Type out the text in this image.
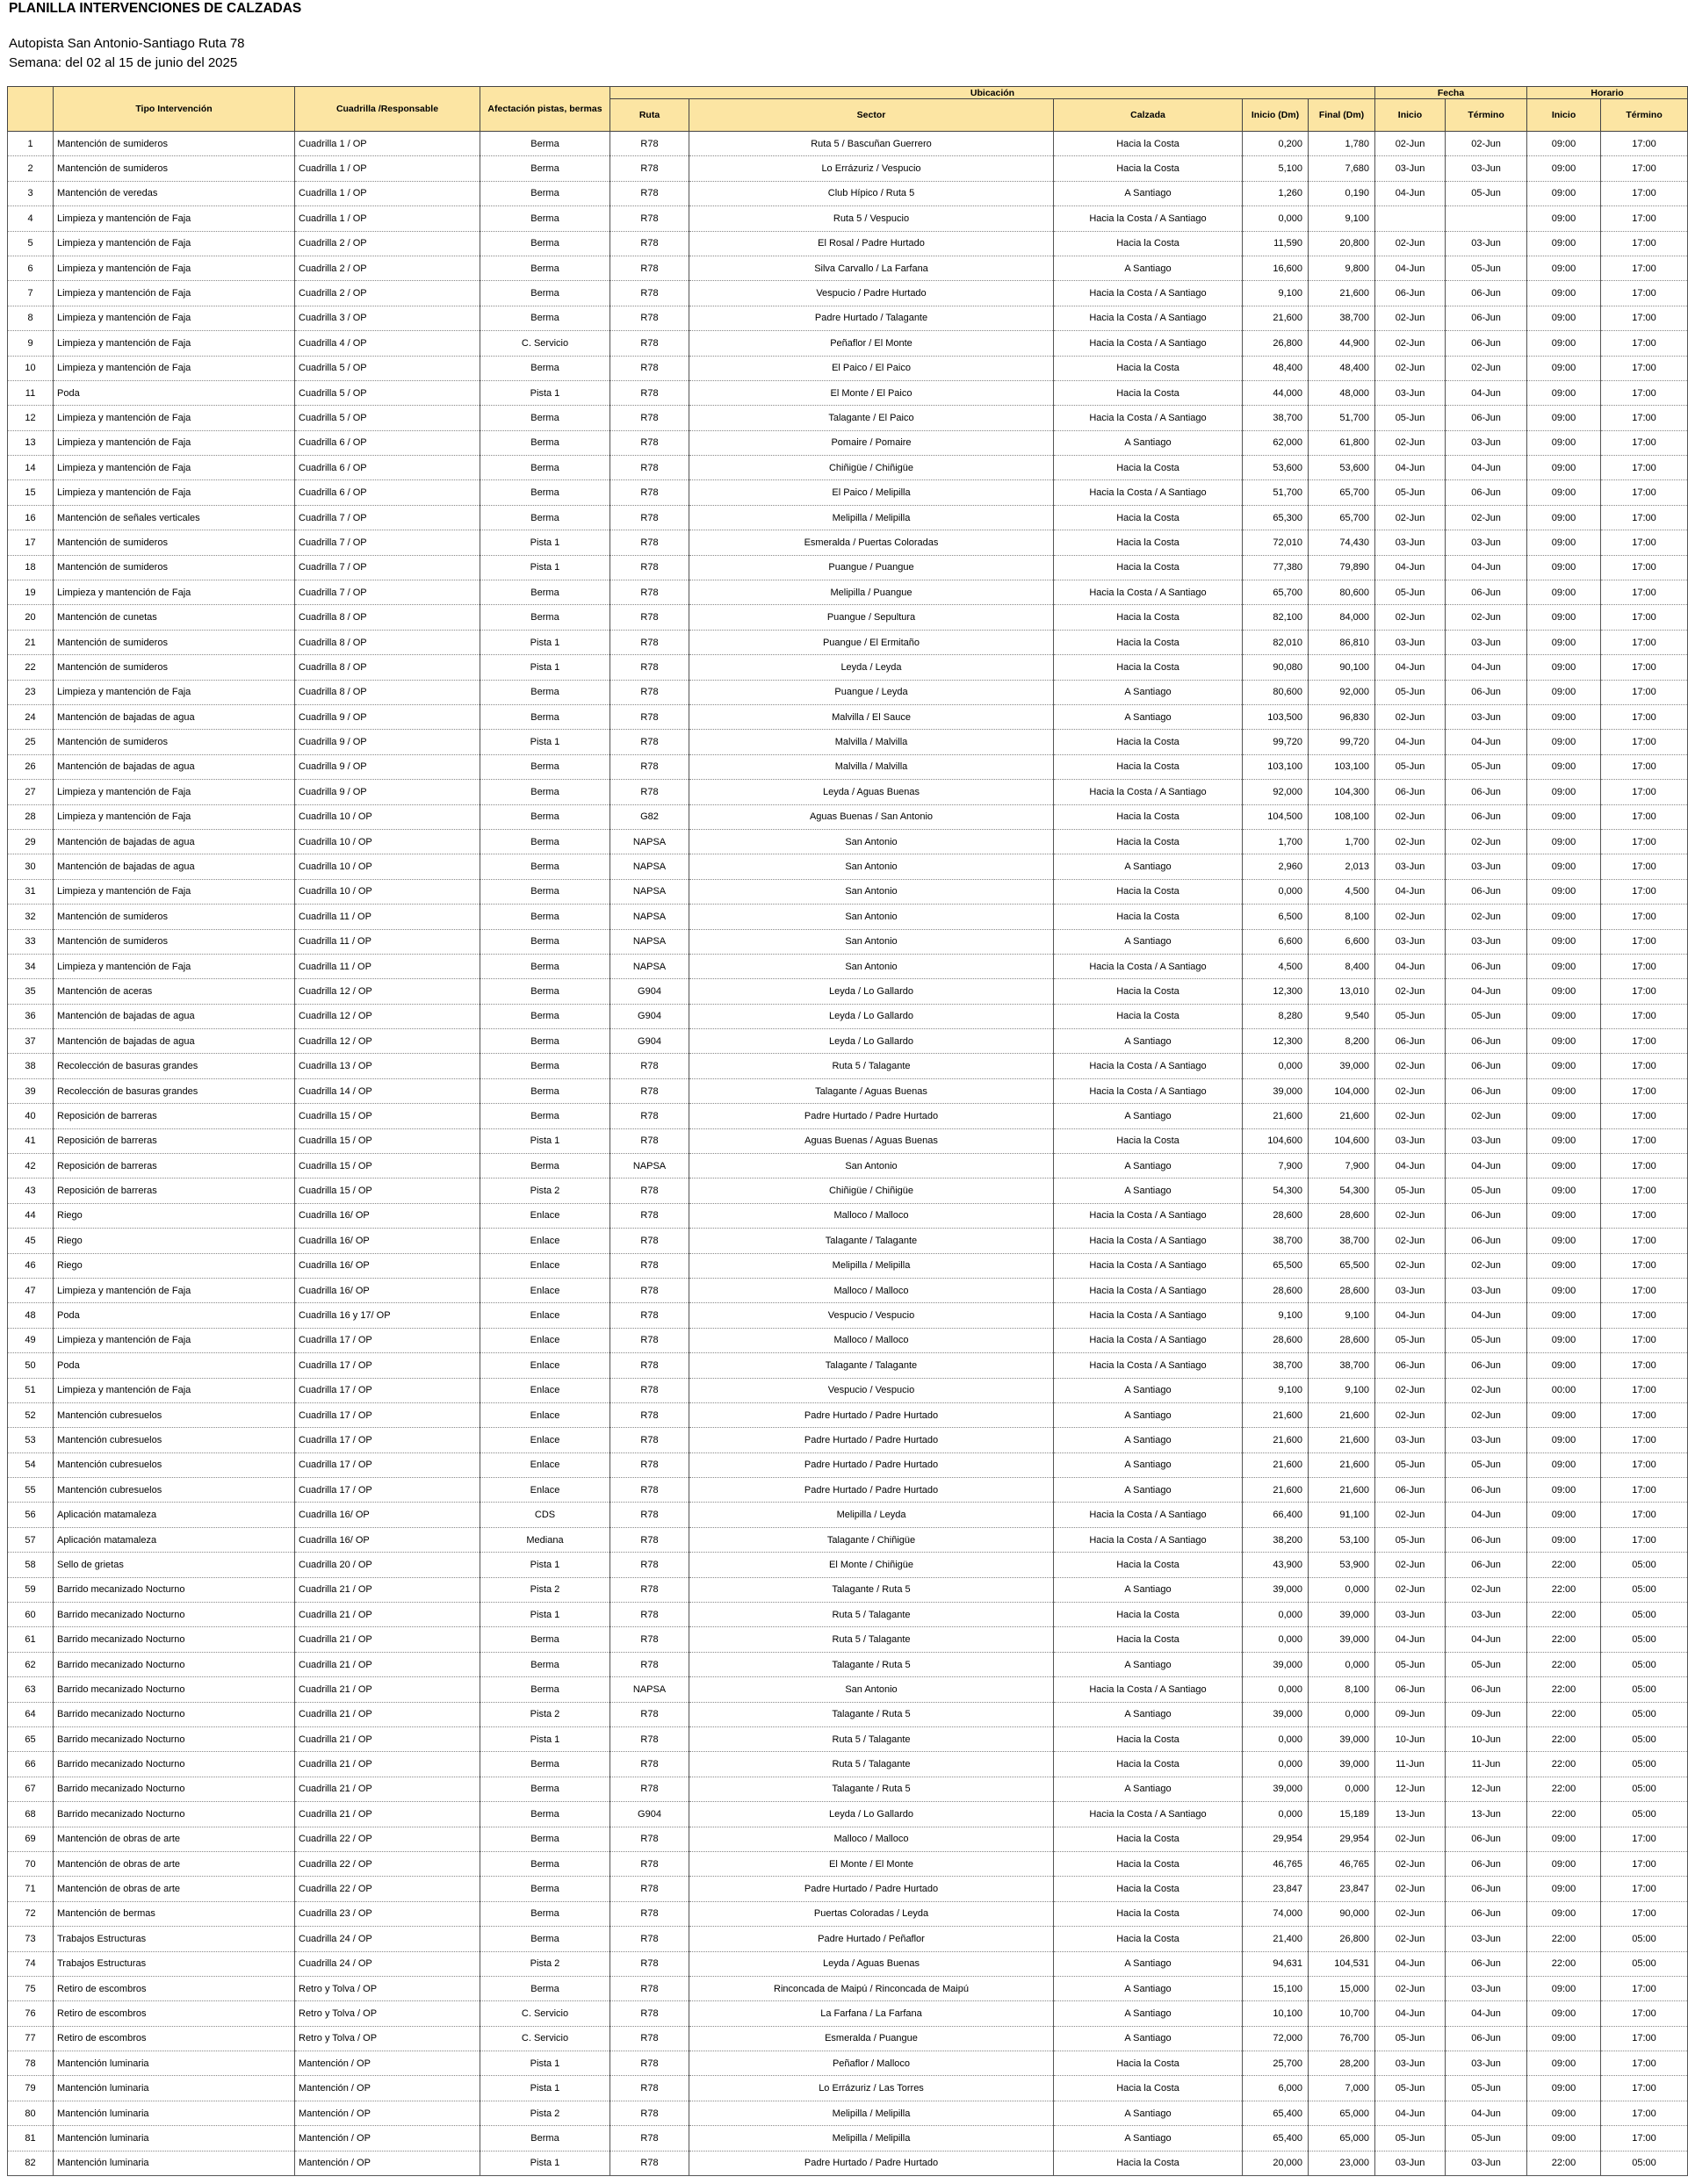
PLANILLA INTERVENCIONES DE CALZADAS
Autopista San Antonio-Santiago Ruta 78
Semana: del 02 al 15 de junio del 2025
	Tipo Intervención	Cuadrilla /Responsable	Afectación pistas, bermas	Ubicación					Fecha		Horario	
				Ruta	Sector	Calzada	Inicio (Dm)	Final (Dm)	Inicio	Término	Inicio	Término
1	Mantención de sumideros	Cuadrilla 1 / OP	Berma	R78	Ruta 5 / Bascuñan Guerrero	Hacia la Costa	0,200	1,780	02-Jun	02-Jun	09:00	17:00
2	Mantención de sumideros	Cuadrilla 1 / OP	Berma	R78	Lo Errázuriz / Vespucio	Hacia la Costa	5,100	7,680	03-Jun	03-Jun	09:00	17:00
3	Mantención de veredas	Cuadrilla 1 / OP	Berma	R78	Club Hípico / Ruta 5	A Santiago	1,260	0,190	04-Jun	05-Jun	09:00	17:00
4	Limpieza y mantención de Faja	Cuadrilla 1 / OP	Berma	R78	Ruta 5 / Vespucio	Hacia la Costa / A Santiago	0,000	9,100			09:00	17:00
5	Limpieza y mantención de Faja	Cuadrilla 2 / OP	Berma	R78	El Rosal / Padre Hurtado	Hacia la Costa	11,590	20,800	02-Jun	03-Jun	09:00	17:00
6	Limpieza y mantención de Faja	Cuadrilla 2 / OP	Berma	R78	Silva Carvallo / La Farfana	A Santiago	16,600	9,800	04-Jun	05-Jun	09:00	17:00
7	Limpieza y mantención de Faja	Cuadrilla 2 / OP	Berma	R78	Vespucio / Padre Hurtado	Hacia la Costa / A Santiago	9,100	21,600	06-Jun	06-Jun	09:00	17:00
8	Limpieza y mantención de Faja	Cuadrilla 3 / OP	Berma	R78	Padre Hurtado / Talagante	Hacia la Costa / A Santiago	21,600	38,700	02-Jun	06-Jun	09:00	17:00
9	Limpieza y mantención de Faja	Cuadrilla 4 / OP	C. Servicio	R78	Peñaflor / El Monte	Hacia la Costa / A Santiago	26,800	44,900	02-Jun	06-Jun	09:00	17:00
10	Limpieza y mantención de Faja	Cuadrilla 5 / OP	Berma	R78	El Paico / El Paico	Hacia la Costa	48,400	48,400	02-Jun	02-Jun	09:00	17:00
11	Poda	Cuadrilla 5 / OP	Pista 1	R78	El Monte / El Paico	Hacia la Costa	44,000	48,000	03-Jun	04-Jun	09:00	17:00
12	Limpieza y mantención de Faja	Cuadrilla 5 / OP	Berma	R78	Talagante / El Paico	Hacia la Costa / A Santiago	38,700	51,700	05-Jun	06-Jun	09:00	17:00
13	Limpieza y mantención de Faja	Cuadrilla 6 / OP	Berma	R78	Pomaire / Pomaire	A Santiago	62,000	61,800	02-Jun	03-Jun	09:00	17:00
14	Limpieza y mantención de Faja	Cuadrilla 6 / OP	Berma	R78	Chiñigüe / Chiñigüe	Hacia la Costa	53,600	53,600	04-Jun	04-Jun	09:00	17:00
15	Limpieza y mantención de Faja	Cuadrilla 6 / OP	Berma	R78	El Paico / Melipilla	Hacia la Costa / A Santiago	51,700	65,700	05-Jun	06-Jun	09:00	17:00
16	Mantención de señales verticales	Cuadrilla 7 / OP	Berma	R78	Melipilla / Melipilla	Hacia la Costa	65,300	65,700	02-Jun	02-Jun	09:00	17:00
17	Mantención de sumideros	Cuadrilla 7 / OP	Pista 1	R78	Esmeralda / Puertas Coloradas	Hacia la Costa	72,010	74,430	03-Jun	03-Jun	09:00	17:00
18	Mantención de sumideros	Cuadrilla 7 / OP	Pista 1	R78	Puangue / Puangue	Hacia la Costa	77,380	79,890	04-Jun	04-Jun	09:00	17:00
19	Limpieza y mantención de Faja	Cuadrilla 7 / OP	Berma	R78	Melipilla / Puangue	Hacia la Costa / A Santiago	65,700	80,600	05-Jun	06-Jun	09:00	17:00
20	Mantención de cunetas	Cuadrilla 8 / OP	Berma	R78	Puangue / Sepultura	Hacia la Costa	82,100	84,000	02-Jun	02-Jun	09:00	17:00
21	Mantención de sumideros	Cuadrilla 8 / OP	Pista 1	R78	Puangue / El Ermitaño	Hacia la Costa	82,010	86,810	03-Jun	03-Jun	09:00	17:00
22	Mantención de sumideros	Cuadrilla 8 / OP	Pista 1	R78	Leyda / Leyda	Hacia la Costa	90,080	90,100	04-Jun	04-Jun	09:00	17:00
23	Limpieza y mantención de Faja	Cuadrilla 8 / OP	Berma	R78	Puangue / Leyda	A Santiago	80,600	92,000	05-Jun	06-Jun	09:00	17:00
24	Mantención de bajadas de agua	Cuadrilla 9 / OP	Berma	R78	Malvilla / El Sauce	A Santiago	103,500	96,830	02-Jun	03-Jun	09:00	17:00
25	Mantención de sumideros	Cuadrilla 9 / OP	Pista 1	R78	Malvilla / Malvilla	Hacia la Costa	99,720	99,720	04-Jun	04-Jun	09:00	17:00
26	Mantención de bajadas de agua	Cuadrilla 9 / OP	Berma	R78	Malvilla / Malvilla	Hacia la Costa	103,100	103,100	05-Jun	05-Jun	09:00	17:00
27	Limpieza y mantención de Faja	Cuadrilla 9 / OP	Berma	R78	Leyda / Aguas Buenas	Hacia la Costa / A Santiago	92,000	104,300	06-Jun	06-Jun	09:00	17:00
28	Limpieza y mantención de Faja	Cuadrilla 10 / OP	Berma	G82	Aguas Buenas / San Antonio	Hacia la Costa	104,500	108,100	02-Jun	06-Jun	09:00	17:00
29	Mantención de bajadas de agua	Cuadrilla 10 / OP	Berma	NAPSA	San Antonio	Hacia la Costa	1,700	1,700	02-Jun	02-Jun	09:00	17:00
30	Mantención de bajadas de agua	Cuadrilla 10 / OP	Berma	NAPSA	San Antonio	A Santiago	2,960	2,013	03-Jun	03-Jun	09:00	17:00
31	Limpieza y mantención de Faja	Cuadrilla 10 / OP	Berma	NAPSA	San Antonio	Hacia la Costa	0,000	4,500	04-Jun	06-Jun	09:00	17:00
32	Mantención de sumideros	Cuadrilla 11 / OP	Berma	NAPSA	San Antonio	Hacia la Costa	6,500	8,100	02-Jun	02-Jun	09:00	17:00
33	Mantención de sumideros	Cuadrilla 11 / OP	Berma	NAPSA	San Antonio	A Santiago	6,600	6,600	03-Jun	03-Jun	09:00	17:00
34	Limpieza y mantención de Faja	Cuadrilla 11 / OP	Berma	NAPSA	San Antonio	Hacia la Costa / A Santiago	4,500	8,400	04-Jun	06-Jun	09:00	17:00
35	Mantención de aceras	Cuadrilla 12 / OP	Berma	G904	Leyda / Lo Gallardo	Hacia la Costa	12,300	13,010	02-Jun	04-Jun	09:00	17:00
36	Mantención de bajadas de agua	Cuadrilla 12 / OP	Berma	G904	Leyda / Lo Gallardo	Hacia la Costa	8,280	9,540	05-Jun	05-Jun	09:00	17:00
37	Mantención de bajadas de agua	Cuadrilla 12 / OP	Berma	G904	Leyda / Lo Gallardo	A Santiago	12,300	8,200	06-Jun	06-Jun	09:00	17:00
38	Recolección de basuras grandes	Cuadrilla 13 / OP	Berma	R78	Ruta 5 / Talagante	Hacia la Costa / A Santiago	0,000	39,000	02-Jun	06-Jun	09:00	17:00
39	Recolección de basuras grandes	Cuadrilla 14 / OP	Berma	R78	Talagante / Aguas Buenas	Hacia la Costa / A Santiago	39,000	104,000	02-Jun	06-Jun	09:00	17:00
40	Reposición de barreras	Cuadrilla 15 / OP	Berma	R78	Padre Hurtado / Padre Hurtado	A Santiago	21,600	21,600	02-Jun	02-Jun	09:00	17:00
41	Reposición de barreras	Cuadrilla 15 / OP	Pista 1	R78	Aguas Buenas / Aguas Buenas	Hacia la Costa	104,600	104,600	03-Jun	03-Jun	09:00	17:00
42	Reposición de barreras	Cuadrilla 15 / OP	Berma	NAPSA	San Antonio	A Santiago	7,900	7,900	04-Jun	04-Jun	09:00	17:00
43	Reposición de barreras	Cuadrilla 15 / OP	Pista 2	R78	Chiñigüe / Chiñigüe	A Santiago	54,300	54,300	05-Jun	05-Jun	09:00	17:00
44	Riego	Cuadrilla 16/ OP	Enlace	R78	Malloco / Malloco	Hacia la Costa / A Santiago	28,600	28,600	02-Jun	06-Jun	09:00	17:00
45	Riego	Cuadrilla 16/ OP	Enlace	R78	Talagante / Talagante	Hacia la Costa / A Santiago	38,700	38,700	02-Jun	06-Jun	09:00	17:00
46	Riego	Cuadrilla 16/ OP	Enlace	R78	Melipilla / Melipilla	Hacia la Costa / A Santiago	65,500	65,500	02-Jun	02-Jun	09:00	17:00
47	Limpieza y mantención de Faja	Cuadrilla 16/ OP	Enlace	R78	Malloco / Malloco	Hacia la Costa / A Santiago	28,600	28,600	03-Jun	03-Jun	09:00	17:00
48	Poda	Cuadrilla 16 y 17/ OP	Enlace	R78	Vespucio / Vespucio	Hacia la Costa / A Santiago	9,100	9,100	04-Jun	04-Jun	09:00	17:00
49	Limpieza y mantención de Faja	Cuadrilla 17 / OP	Enlace	R78	Malloco / Malloco	Hacia la Costa / A Santiago	28,600	28,600	05-Jun	05-Jun	09:00	17:00
50	Poda	Cuadrilla 17 / OP	Enlace	R78	Talagante / Talagante	Hacia la Costa / A Santiago	38,700	38,700	06-Jun	06-Jun	09:00	17:00
51	Limpieza y mantención de Faja	Cuadrilla 17 / OP	Enlace	R78	Vespucio / Vespucio	A Santiago	9,100	9,100	02-Jun	02-Jun	00:00	17:00
52	Mantención cubresuelos	Cuadrilla 17 / OP	Enlace	R78	Padre Hurtado / Padre Hurtado	A Santiago	21,600	21,600	02-Jun	02-Jun	09:00	17:00
53	Mantención cubresuelos	Cuadrilla 17 / OP	Enlace	R78	Padre Hurtado / Padre Hurtado	A Santiago	21,600	21,600	03-Jun	03-Jun	09:00	17:00
54	Mantención cubresuelos	Cuadrilla 17 / OP	Enlace	R78	Padre Hurtado / Padre Hurtado	A Santiago	21,600	21,600	05-Jun	05-Jun	09:00	17:00
55	Mantención cubresuelos	Cuadrilla 17 / OP	Enlace	R78	Padre Hurtado / Padre Hurtado	A Santiago	21,600	21,600	06-Jun	06-Jun	09:00	17:00
56	Aplicación matamaleza	Cuadrilla 16/ OP	CDS	R78	Melipilla / Leyda	Hacia la Costa / A Santiago	66,400	91,100	02-Jun	04-Jun	09:00	17:00
57	Aplicación matamaleza	Cuadrilla 16/ OP	Mediana	R78	Talagante / Chiñigüe	Hacia la Costa / A Santiago	38,200	53,100	05-Jun	06-Jun	09:00	17:00
58	Sello de grietas	Cuadrilla 20 / OP	Pista 1	R78	El Monte / Chiñigüe	Hacia la Costa	43,900	53,900	02-Jun	06-Jun	22:00	05:00
59	Barrido mecanizado Nocturno	Cuadrilla 21 / OP	Pista 2	R78	Talagante / Ruta 5	A Santiago	39,000	0,000	02-Jun	02-Jun	22:00	05:00
60	Barrido mecanizado Nocturno	Cuadrilla 21 / OP	Pista 1	R78	Ruta 5 / Talagante	Hacia la Costa	0,000	39,000	03-Jun	03-Jun	22:00	05:00
61	Barrido mecanizado Nocturno	Cuadrilla 21 / OP	Berma	R78	Ruta 5 / Talagante	Hacia la Costa	0,000	39,000	04-Jun	04-Jun	22:00	05:00
62	Barrido mecanizado Nocturno	Cuadrilla 21 / OP	Berma	R78	Talagante / Ruta 5	A Santiago	39,000	0,000	05-Jun	05-Jun	22:00	05:00
63	Barrido mecanizado Nocturno	Cuadrilla 21 / OP	Berma	NAPSA	San Antonio	Hacia la Costa / A Santiago	0,000	8,100	06-Jun	06-Jun	22:00	05:00
64	Barrido mecanizado Nocturno	Cuadrilla 21 / OP	Pista 2	R78	Talagante / Ruta 5	A Santiago	39,000	0,000	09-Jun	09-Jun	22:00	05:00
65	Barrido mecanizado Nocturno	Cuadrilla 21 / OP	Pista 1	R78	Ruta 5 / Talagante	Hacia la Costa	0,000	39,000	10-Jun	10-Jun	22:00	05:00
66	Barrido mecanizado Nocturno	Cuadrilla 21 / OP	Berma	R78	Ruta 5 / Talagante	Hacia la Costa	0,000	39,000	11-Jun	11-Jun	22:00	05:00
67	Barrido mecanizado Nocturno	Cuadrilla 21 / OP	Berma	R78	Talagante / Ruta 5	A Santiago	39,000	0,000	12-Jun	12-Jun	22:00	05:00
68	Barrido mecanizado Nocturno	Cuadrilla 21 / OP	Berma	G904	Leyda / Lo Gallardo	Hacia la Costa / A Santiago	0,000	15,189	13-Jun	13-Jun	22:00	05:00
69	Mantención de obras de arte	Cuadrilla 22 / OP	Berma	R78	Malloco / Malloco	Hacia la Costa	29,954	29,954	02-Jun	06-Jun	09:00	17:00
70	Mantención de obras de arte	Cuadrilla 22 / OP	Berma	R78	El Monte / El Monte	Hacia la Costa	46,765	46,765	02-Jun	06-Jun	09:00	17:00
71	Mantención de obras de arte	Cuadrilla 22 / OP	Berma	R78	Padre Hurtado / Padre Hurtado	Hacia la Costa	23,847	23,847	02-Jun	06-Jun	09:00	17:00
72	Mantención de bermas	Cuadrilla 23 / OP	Berma	R78	Puertas Coloradas / Leyda	Hacia la Costa	74,000	90,000	02-Jun	06-Jun	09:00	17:00
73	Trabajos Estructuras	Cuadrilla 24 / OP	Berma	R78	Padre Hurtado / Peñaflor	Hacia la Costa	21,400	26,800	02-Jun	03-Jun	22:00	05:00
74	Trabajos Estructuras	Cuadrilla 24 / OP	Pista 2	R78	Leyda / Aguas Buenas	A Santiago	94,631	104,531	04-Jun	06-Jun	22:00	05:00
75	Retiro de escombros	Retro y Tolva / OP	Berma	R78	Rinconcada de Maipú / Rinconcada de Maipú	A Santiago	15,100	15,000	02-Jun	03-Jun	09:00	17:00
76	Retiro de escombros	Retro y Tolva / OP	C. Servicio	R78	La Farfana / La Farfana	A Santiago	10,100	10,700	04-Jun	04-Jun	09:00	17:00
77	Retiro de escombros	Retro y Tolva / OP	C. Servicio	R78	Esmeralda / Puangue	A Santiago	72,000	76,700	05-Jun	06-Jun	09:00	17:00
78	Mantención luminaria	Mantención / OP	Pista 1	R78	Peñaflor / Malloco	Hacia la Costa	25,700	28,200	03-Jun	03-Jun	09:00	17:00
79	Mantención luminaria	Mantención / OP	Pista 1	R78	Lo Errázuriz / Las Torres	Hacia la Costa	6,000	7,000	05-Jun	05-Jun	09:00	17:00
80	Mantención luminaria	Mantención / OP	Pista 2	R78	Melipilla / Melipilla	A Santiago	65,400	65,000	04-Jun	04-Jun	09:00	17:00
81	Mantención luminaria	Mantención / OP	Berma	R78	Melipilla / Melipilla	A Santiago	65,400	65,000	05-Jun	05-Jun	09:00	17:00
82	Mantención luminaria	Mantención / OP	Pista 1	R78	Padre Hurtado / Padre Hurtado	Hacia la Costa	20,000	23,000	03-Jun	03-Jun	22:00	05:00
